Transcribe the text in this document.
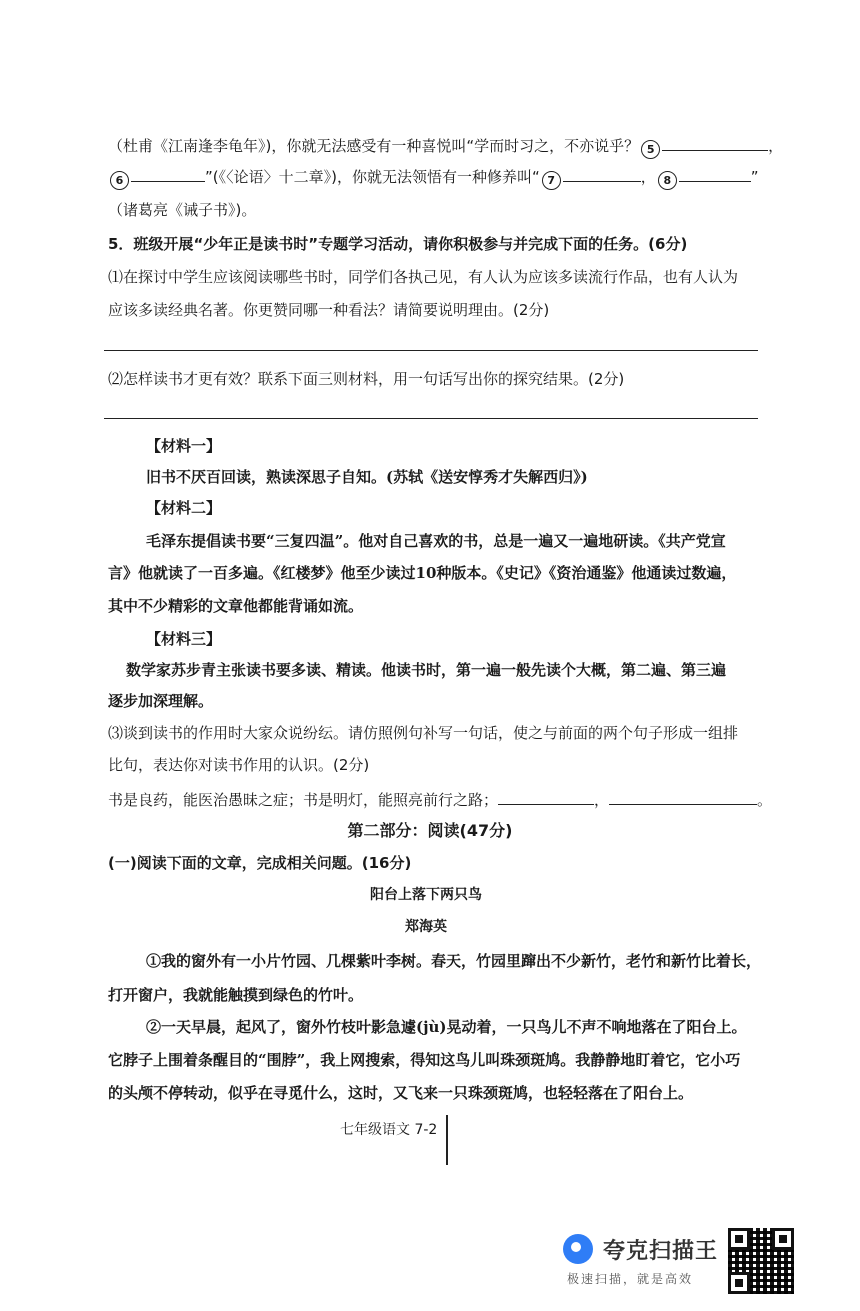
（杜甫《江南逢李龟年》)，你就无法感受有一种喜悦叫“学而时习之，不亦说乎？ 5	，
6	”(《〈论语〉十二章》)，你就无法领悟有一种修养叫“ 7	， 8	”
（诸葛亮《诫子书》)。
5．班级开展“少年正是读书时”专题学习活动，请你积极参与并完成下面的任务。(6分)
⑴在探讨中学生应该阅读哪些书时，同学们各执己见，有人认为应该多读流行作品，也有人认为
应该多读经典名著。你更赞同哪一种看法？请简要说明理由。(2分)
⑵怎样读书才更有效？联系下面三则材料，用一句话写出你的探究结果。(2分)
【材料一】
旧书不厌百回读，熟读深思子自知。(苏轼《送安惇秀才失解西归》)
【材料二】
毛泽东提倡读书要“三复四温”。他对自己喜欢的书，总是一遍又一遍地研读。《共产党宣
言》他就读了一百多遍。《红楼梦》他至少读过10种版本。《史记》《资治通鉴》他通读过数遍，
其中不少精彩的文章他都能背诵如流。
【材料三】
数学家苏步青主张读书要多读、精读。他读书时，第一遍一般先读个大概，第二遍、第三遍
逐步加深理解。
⑶谈到读书的作用时大家众说纷纭。请仿照例句补写一句话，使之与前面的两个句子形成一组排
比句，表达你对读书作用的认识。(2分)
书是良药，能医治愚昧之症；书是明灯，能照亮前行之路；	，	。
第二部分：阅读(47分)
(一)阅读下面的文章，完成相关问题。(16分)
阳台上落下两只鸟
郑海英
①我的窗外有一小片竹园、几棵紫叶李树。春天，竹园里蹿出不少新竹，老竹和新竹比着长，
打开窗户，我就能触摸到绿色的竹叶。
②一天早晨，起风了，窗外竹枝叶影急遽(jù)晃动着，一只鸟儿不声不响地落在了阳台上。
它脖子上围着条醒目的“围脖”，我上网搜索，得知这鸟儿叫珠颈斑鸠。我静静地盯着它，它小巧
的头颅不停转动，似乎在寻觅什么，这时，又飞来一只珠颈斑鸠，也轻轻落在了阳台上。
七年级语文 7-2
夸克扫描王
极速扫描，就是高效
